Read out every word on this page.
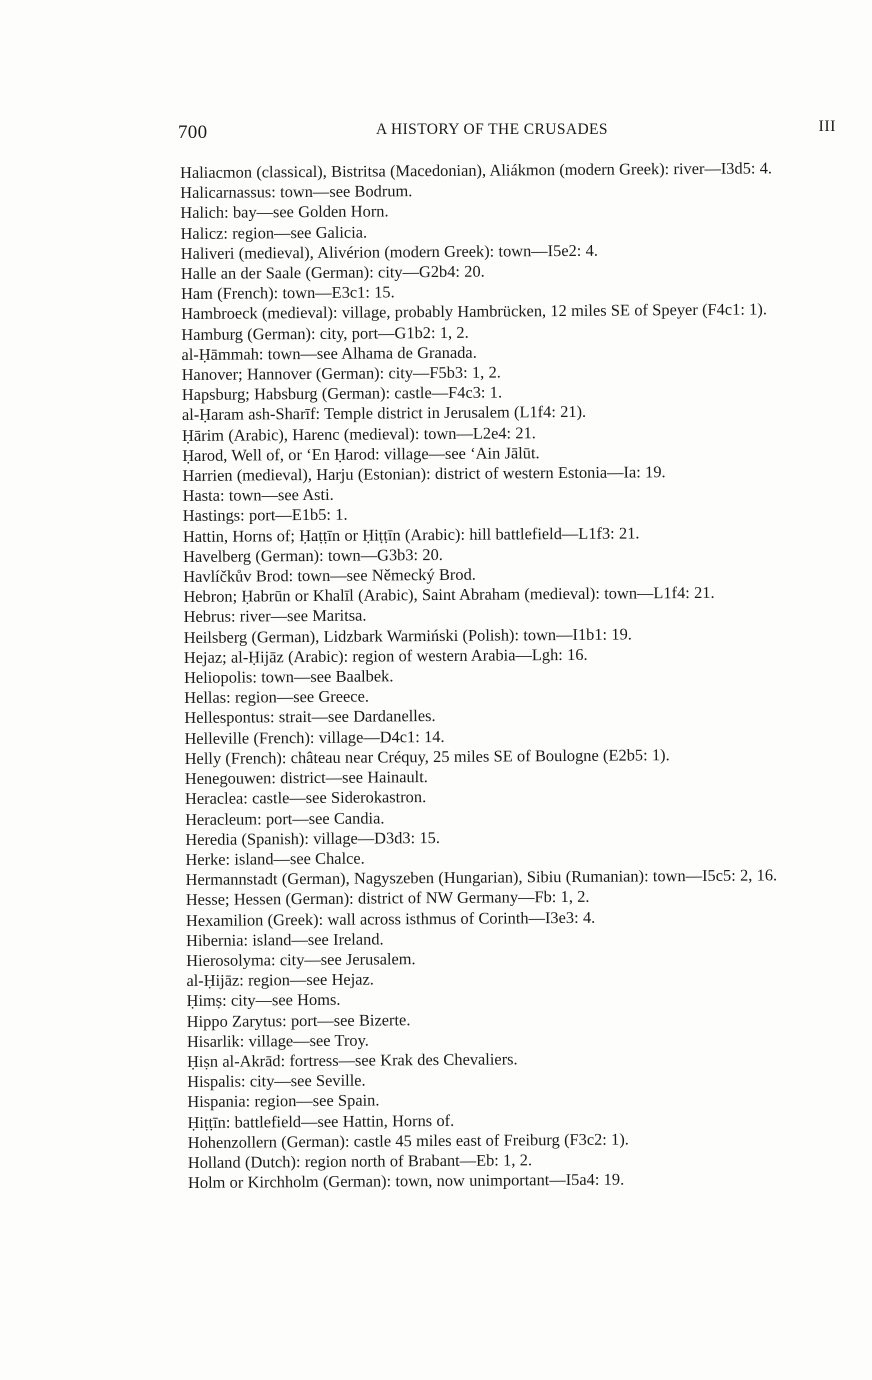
700	A HISTORY OF THE CRUSADES	III
Haliacmon (classical), Bistritsa (Macedonian), Aliákmon (modern Greek): river—I3d5: 4.
Halicarnassus: town—see Bodrum.
Halich: bay—see Golden Horn.
Halicz: region—see Galicia.
Haliveri (medieval), Alivérion (modern Greek): town—I5e2: 4.
Halle an der Saale (German): city—G2b4: 20.
Ham (French): town—E3c1: 15.
Hambroeck (medieval): village, probably Hambrücken, 12 miles SE of Speyer (F4c1: 1).
Hamburg (German): city, port—G1b2: 1, 2.
al-Ḥāmmah: town—see Alhama de Granada.
Hanover; Hannover (German): city—F5b3: 1, 2.
Hapsburg; Habsburg (German): castle—F4c3: 1.
al-Ḥaram ash-Sharīf: Temple district in Jerusalem (L1f4: 21).
Ḥārim (Arabic), Harenc (medieval): town—L2e4: 21.
Ḥarod, Well of, or ‘En Ḥarod: village—see ‘Ain Jālūt.
Harrien (medieval), Harju (Estonian): district of western Estonia—Ia: 19.
Hasta: town—see Asti.
Hastings: port—E1b5: 1.
Hattin, Horns of; Ḥaṭṭīn or Ḥiṭṭīn (Arabic): hill battlefield—L1f3: 21.
Havelberg (German): town—G3b3: 20.
Havlíčkův Brod: town—see Německý Brod.
Hebron; Ḥabrūn or Khalīl (Arabic), Saint Abraham (medieval): town—L1f4: 21.
Hebrus: river—see Maritsa.
Heilsberg (German), Lidzbark Warmiński (Polish): town—I1b1: 19.
Hejaz; al-Ḥijāz (Arabic): region of western Arabia—Lgh: 16.
Heliopolis: town—see Baalbek.
Hellas: region—see Greece.
Hellespontus: strait—see Dardanelles.
Helleville (French): village—D4c1: 14.
Helly (French): château near Créquy, 25 miles SE of Boulogne (E2b5: 1).
Henegouwen: district—see Hainault.
Heraclea: castle—see Siderokastron.
Heracleum: port—see Candia.
Heredia (Spanish): village—D3d3: 15.
Herke: island—see Chalce.
Hermannstadt (German), Nagyszeben (Hungarian), Sibiu (Rumanian): town—I5c5: 2, 16.
Hesse; Hessen (German): district of NW Germany—Fb: 1, 2.
Hexamilion (Greek): wall across isthmus of Corinth—I3e3: 4.
Hibernia: island—see Ireland.
Hierosolyma: city—see Jerusalem.
al-Ḥijāz: region—see Hejaz.
Ḥimṣ: city—see Homs.
Hippo Zarytus: port—see Bizerte.
Hisarlik: village—see Troy.
Ḥiṣn al-Akrād: fortress—see Krak des Chevaliers.
Hispalis: city—see Seville.
Hispania: region—see Spain.
Ḥiṭṭīn: battlefield—see Hattin, Horns of.
Hohenzollern (German): castle 45 miles east of Freiburg (F3c2: 1).
Holland (Dutch): region north of Brabant—Eb: 1, 2.
Holm or Kirchholm (German): town, now unimportant—I5a4: 19.
